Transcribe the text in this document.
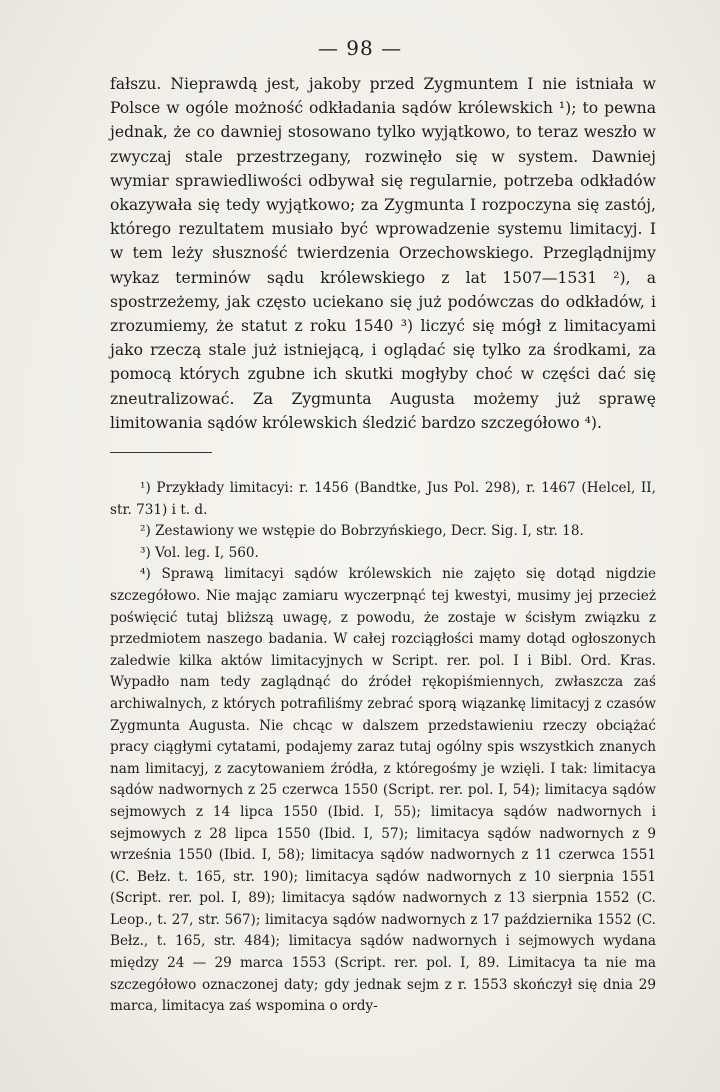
— 98 —

fałszu. Nieprawdą jest, jakoby przed Zygmuntem I nie istniała w Polsce w ogóle możność odkładania sądów królewskich ¹); to pewna jednak, że co dawniej stosowano tylko wyjątkowo, to teraz weszło w zwyczaj stale przestrzegany, rozwinęło się w system. Dawniej wymiar sprawiedliwości odbywał się regularnie, potrzeba odkładów okazywała się tedy wyjątkowo; za Zygmunta I rozpoczyna się zastój, którego rezultatem musiało być wprowadzenie systemu limitacyj. I w tem leży słuszność twierdzenia Orzechowskiego. Przeglądnijmy wykaz terminów sądu królewskiego z lat 1507—1531 ²), a spostrzeżemy, jak często uciekano się już podówczas do odkładów, i zrozumiemy, że statut z roku 1540 ³) liczyć się mógł z limitacyami jako rzeczą stale już istniejącą, i oglądać się tylko za środkami, za pomocą których zgubne ich skutki mogłyby choć w części dać się zneutralizować. Za Zygmunta Augusta możemy już sprawę limitowania sądów królewskich śledzić bardzo szczegółowo ⁴).

¹) Przykłady limitacyi: r. 1456 (Bandtke, Jus Pol. 298), r. 1467 (Helcel, II, str. 731) i t. d.

²) Zestawiony we wstępie do Bobrzyńskiego, Decr. Sig. I, str. 18.

³) Vol. leg. I, 560.

⁴) Sprawą limitacyi sądów królewskich nie zajęto się dotąd nigdzie szczegółowo. Nie mając zamiaru wyczerpnąć tej kwestyi, musimy jej przecież poświęcić tutaj bliższą uwagę, z powodu, że zostaje w ścisłym związku z przedmiotem naszego badania. W całej rozciągłości mamy dotąd ogłoszonych zaledwie kilka aktów limitacyjnych w Script. rer. pol. I i Bibl. Ord. Kras. Wypadło nam tedy zaglądnąć do źródeł rękopiśmiennych, zwłaszcza zaś archiwalnych, z których potrafiliśmy zebrać sporą wiązankę limitacyj z czasów Zygmunta Augusta. Nie chcąc w dalszem przedstawieniu rzeczy obciążać pracy ciągłymi cytatami, podajemy zaraz tutaj ogólny spis wszystkich znanych nam limitacyj, z zacytowaniem źródła, z któregośmy je wzięli. I tak: limitacya sądów nadwornych z 25 czerwca 1550 (Script. rer. pol. I, 54); limitacya sądów sejmowych z 14 lipca 1550 (Ibid. I, 55); limitacya sądów nadwornych i sejmowych z 28 lipca 1550 (Ibid. I, 57); limitacya sądów nadwornych z 9 września 1550 (Ibid. I, 58); limitacya sądów nadwornych z 11 czerwca 1551 (C. Bełz. t. 165, str. 190); limitacya sądów nadwornych z 10 sierpnia 1551 (Script. rer. pol. I, 89); limitacya sądów nadwornych z 13 sierpnia 1552 (C. Leop., t. 27, str. 567); limitacya sądów nadwornych z 17 października 1552 (C. Bełz., t. 165, str. 484); limitacya sądów nadwornych i sejmowych wydana między 24 — 29 marca 1553 (Script. rer. pol. I, 89. Limitacya ta nie ma szczegółowo oznaczonej daty; gdy jednak sejm z r. 1553 skończył się dnia 29 marca, limitacya zaś wspomina o ordy-
